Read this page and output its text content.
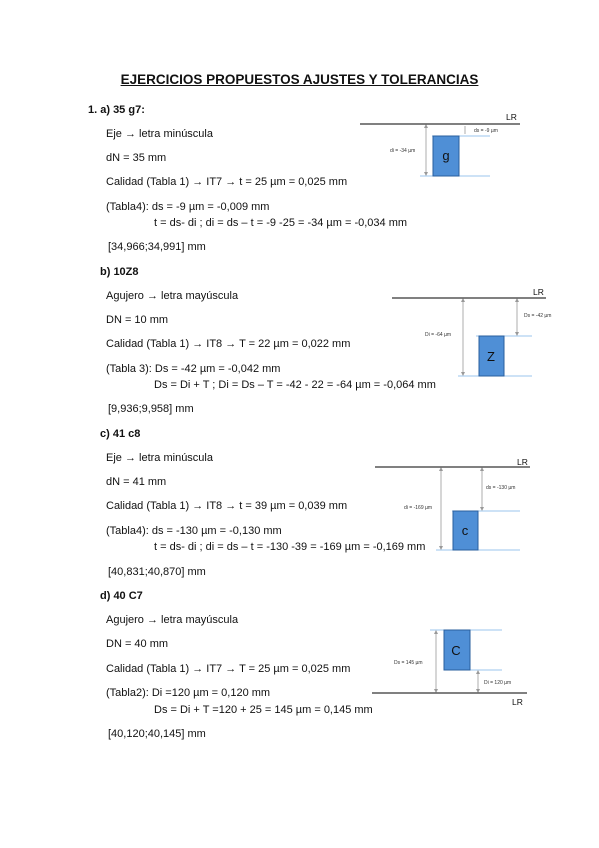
EJERCICIOS PROPUESTOS AJUSTES Y TOLERANCIAS
1. a) 35 g7:
Eje → letra minúscula
dN = 35 mm
Calidad (Tabla 1) → IT7 → t = 25 µm = 0,025 mm
(Tabla4): ds = -9 µm = -0,009 mm
t = ds- di ; di = ds – t = -9 -25 = -34 µm = -0,034 mm
[34,966;34,991] mm
b) 10Z8
Agujero → letra mayúscula
DN = 10 mm
Calidad (Tabla 1) → IT8 → T = 22 µm = 0,022 mm
(Tabla 3): Ds = -42 µm = -0,042 mm
Ds = Di + T ; Di = Ds – T = -42 - 22 = -64 µm = -0,064 mm
[9,936;9,958] mm
c) 41 c8
Eje → letra minúscula
dN = 41 mm
Calidad (Tabla 1) → IT8 → t = 39 µm = 0,039 mm
(Tabla4): ds = -130 µm = -0,130 mm
t = ds- di ; di = ds – t = -130 -39 = -169 µm = -0,169 mm
[40,831;40,870] mm
d) 40 C7
Agujero → letra mayúscula
DN = 40 mm
Calidad (Tabla 1) → IT7 → T = 25 µm = 0,025 mm
(Tabla2): Di =120 µm = 0,120 mm
Ds = Di + T =120 + 25 = 145 µm = 0,145 mm
[40,120;40,145] mm
LR
g
di = -34 µm
ds = -9 µm
LR
Z
Di = -64 µm
Ds = -42 µm
LR
c
di = -169 µm
ds = -130 µm
LR
C
Ds = 145 µm
Di = 120 µm
